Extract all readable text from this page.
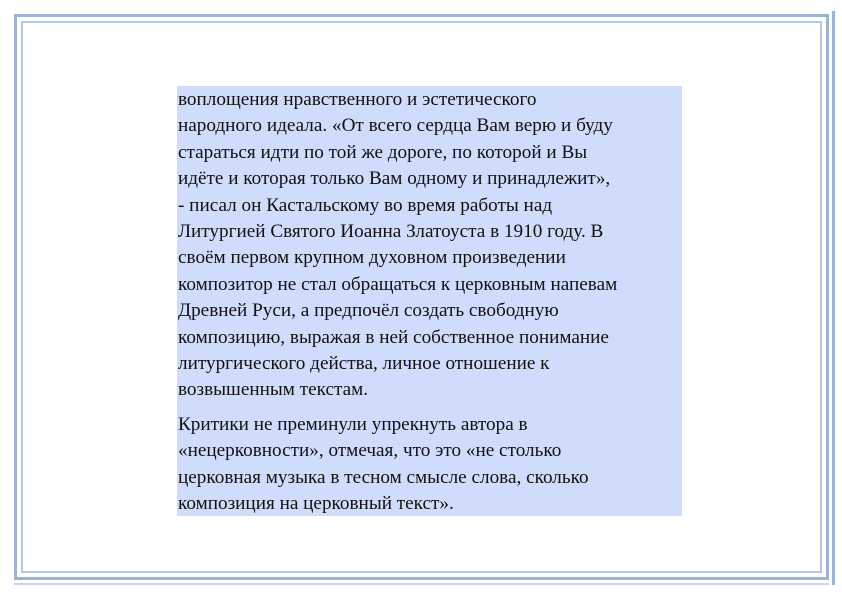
воплощения нравственного и эстетического
народного идеала. «От всего сердца Вам верю и буду
стараться идти по той же дороге, по которой и Вы
идёте и которая только Вам одному и принадлежит»,
- писал он Кастальскому во время работы над
Литургией Святого Иоанна Златоуста в 1910 году. В
своём первом крупном духовном произведении
композитор не стал обращаться к церковным напевам
Древней Руси, а предпочёл создать свободную
композицию, выражая в ней собственное понимание
литургического действа, личное отношение к
возвышенным текстам.

Критики не преминули упрекнуть автора в
«нецерковности», отмечая, что это «не столько
церковная музыка в тесном смысле слова, сколько
композиция на церковный текст».
